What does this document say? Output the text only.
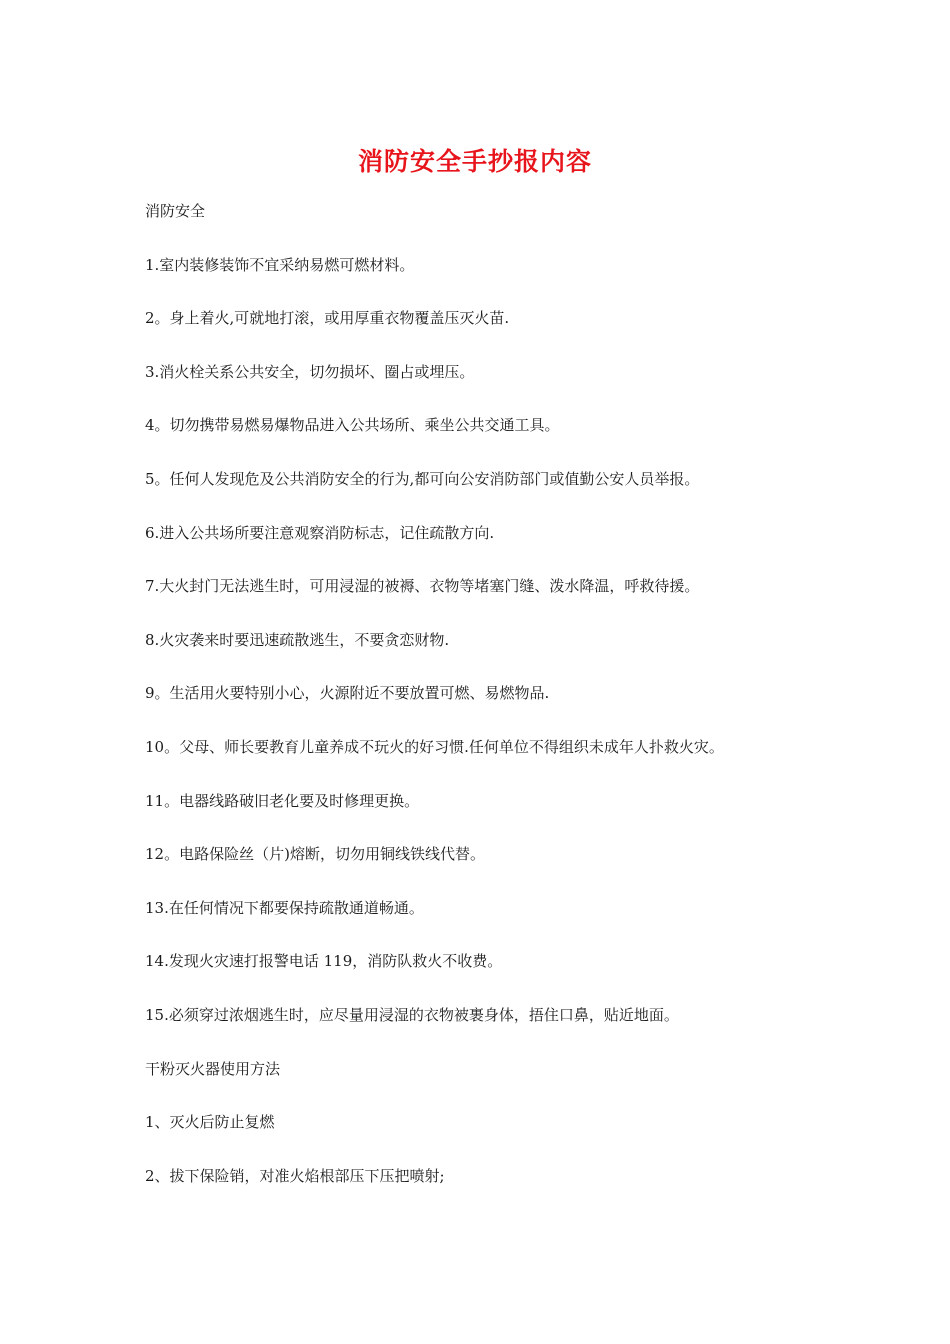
消防安全手抄报内容

消防安全

1.室内装修装饰不宜采纳易燃可燃材料。

2。身上着火,可就地打滚，或用厚重衣物覆盖压灭火苗.

3.消火栓关系公共安全，切勿损坏、圈占或埋压。

4。切勿携带易燃易爆物品进入公共场所、乘坐公共交通工具。

5。任何人发现危及公共消防安全的行为,都可向公安消防部门或值勤公安人员举报。

6.进入公共场所要注意观察消防标志，记住疏散方向.

7.大火封门无法逃生时，可用浸湿的被褥、衣物等堵塞门缝、泼水降温，呼救待援。

8.火灾袭来时要迅速疏散逃生，不要贪恋财物.

9。生活用火要特别小心，火源附近不要放置可燃、易燃物品.

10。父母、师长要教育儿童养成不玩火的好习惯.任何单位不得组织未成年人扑救火灾。

11。电器线路破旧老化要及时修理更换。

12。电路保险丝（片)熔断，切勿用铜线铁线代替。

13.在任何情况下都要保持疏散通道畅通。

14.发现火灾速打报警电话 119，消防队救火不收费。

15.必须穿过浓烟逃生时，应尽量用浸湿的衣物被裹身体，捂住口鼻，贴近地面。

干粉灭火器使用方法

1、灭火后防止复燃

2、拔下保险销，对准火焰根部压下压把喷射;
